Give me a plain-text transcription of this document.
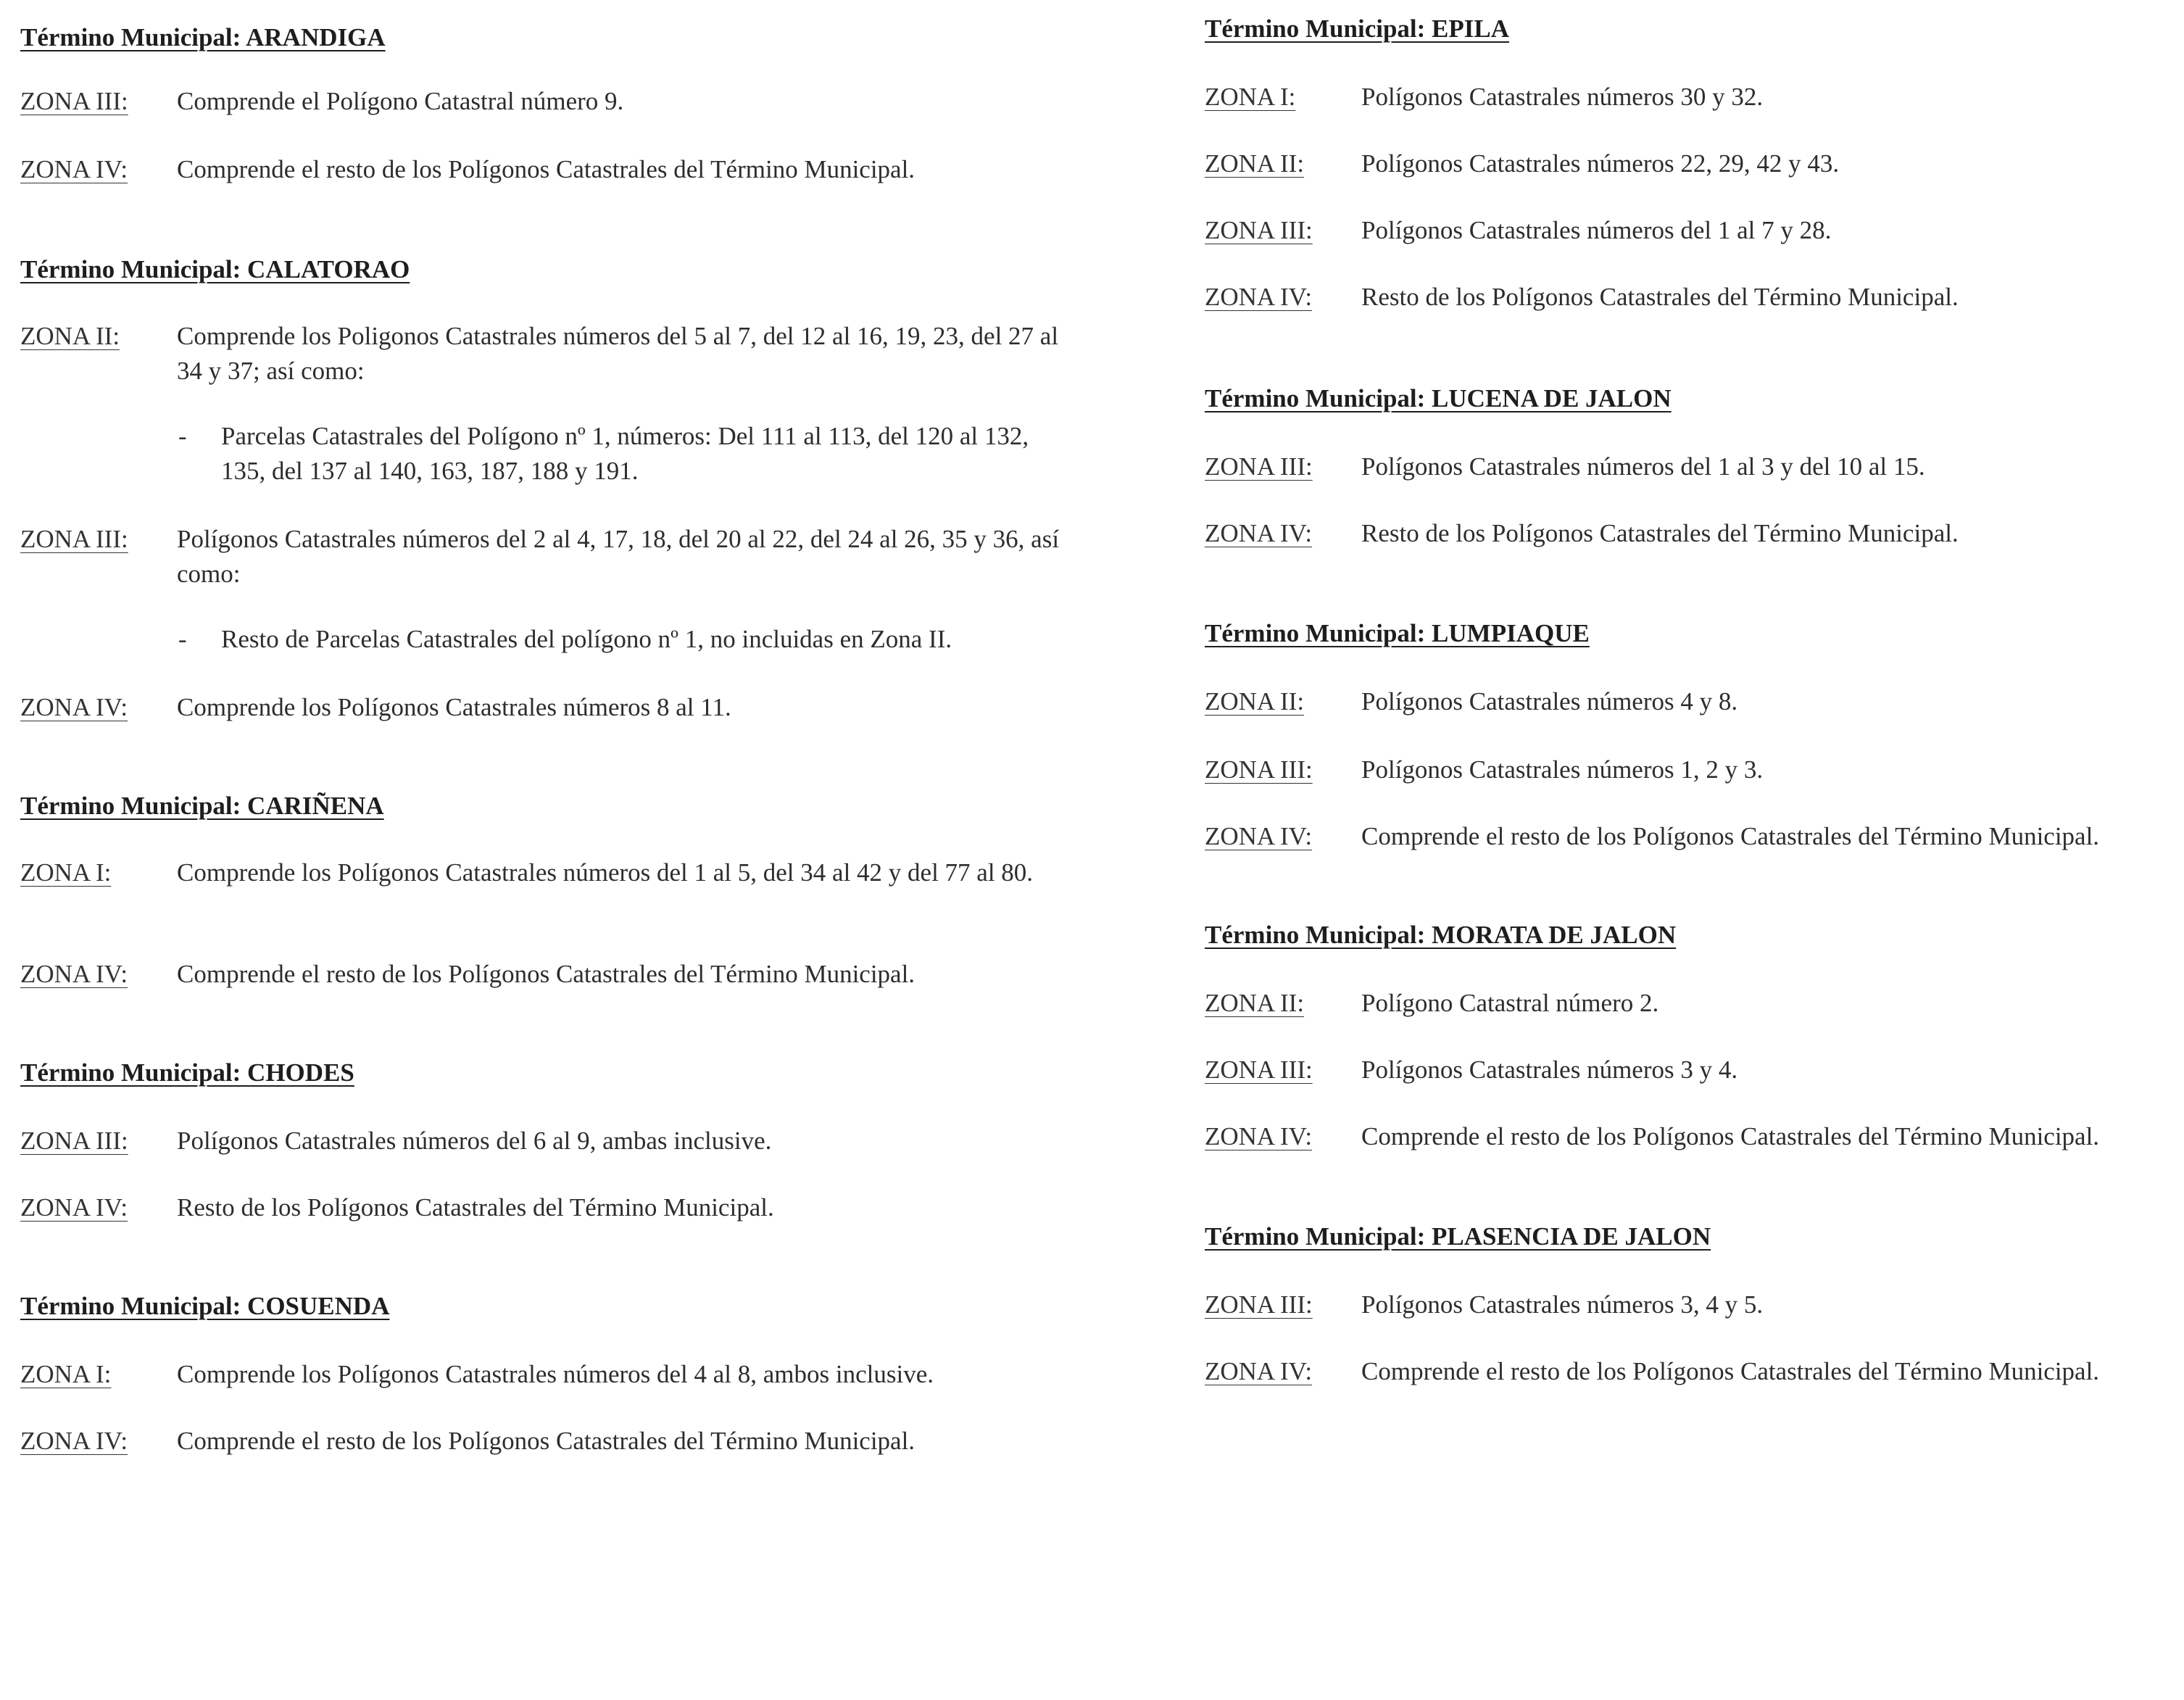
Término Municipal: ARANDIGA
ZONA III: Comprende el Polígono Catastral número 9.
ZONA IV: Comprende el resto de los Polígonos Catastrales del Término Municipal.
Término Municipal: CALATORAO
ZONA II: Comprende los Poligonos Catastrales números del 5 al 7, del 12 al 16, 19, 23, del 27 al 34 y 37; así como:
- Parcelas Catastrales del Polígono nº 1, números: Del 111 al 113, del 120 al 132, 135, del 137 al 140, 163, 187, 188 y 191.
ZONA III: Polígonos Catastrales números del 2 al 4, 17, 18, del 20 al 22, del 24 al 26, 35 y 36, así como:
- Resto de Parcelas Catastrales del polígono nº 1, no incluidas en Zona II.
ZONA IV: Comprende los Polígonos Catastrales números 8 al 11.
Término Municipal: CARIÑENA
ZONA I:	Comprende los Polígonos Catastrales números del 1 al 5, del 34 al 42 y del 77 al 80.
ZONA IV: Comprende el resto de los Polígonos Catastrales del Término Municipal.
Término Municipal: CHODES
ZONA III: Polígonos Catastrales números del 6 al 9, ambas inclusive.
ZONA IV: Resto de los Polígonos Catastrales del Término Municipal.
Término Municipal: COSUENDA
ZONA I:	Comprende los Polígonos Catastrales números del 4 al 8, ambos inclusive.
ZONA IV: Comprende el resto de los Polígonos Catastrales del Término Municipal.
Término Municipal: EPILA
ZONA I:	Polígonos Catastrales números 30 y 32.
ZONA II: Polígonos Catastrales números 22, 29, 42 y 43.
ZONA III: Polígonos Catastrales números del 1 al 7 y 28.
ZONA IV: Resto de los Polígonos Catastrales del Término Municipal.
Término Municipal: LUCENA DE JALON
ZONA III: Polígonos Catastrales números del 1 al 3 y del 10 al 15.
ZONA IV: Resto de los Polígonos Catastrales del Término Municipal.
Término Municipal: LUMPIAQUE
ZONA II: Polígonos Catastrales números 4 y 8.
ZONA III: Polígonos Catastrales números 1, 2 y 3.
ZONA IV: Comprende el resto de los Polígonos Catastrales del Término Municipal.
Término Municipal: MORATA DE JALON
ZONA II: Polígono Catastral número 2.
ZONA III: Polígonos Catastrales números 3 y 4.
ZONA IV: Comprende el resto de los Polígonos Catastrales del Término Municipal.
Término Municipal: PLASENCIA DE JALON
ZONA III: Polígonos Catastrales números 3, 4 y 5.
ZONA IV: Comprende el resto de los Polígonos Catastrales del Término Municipal.
